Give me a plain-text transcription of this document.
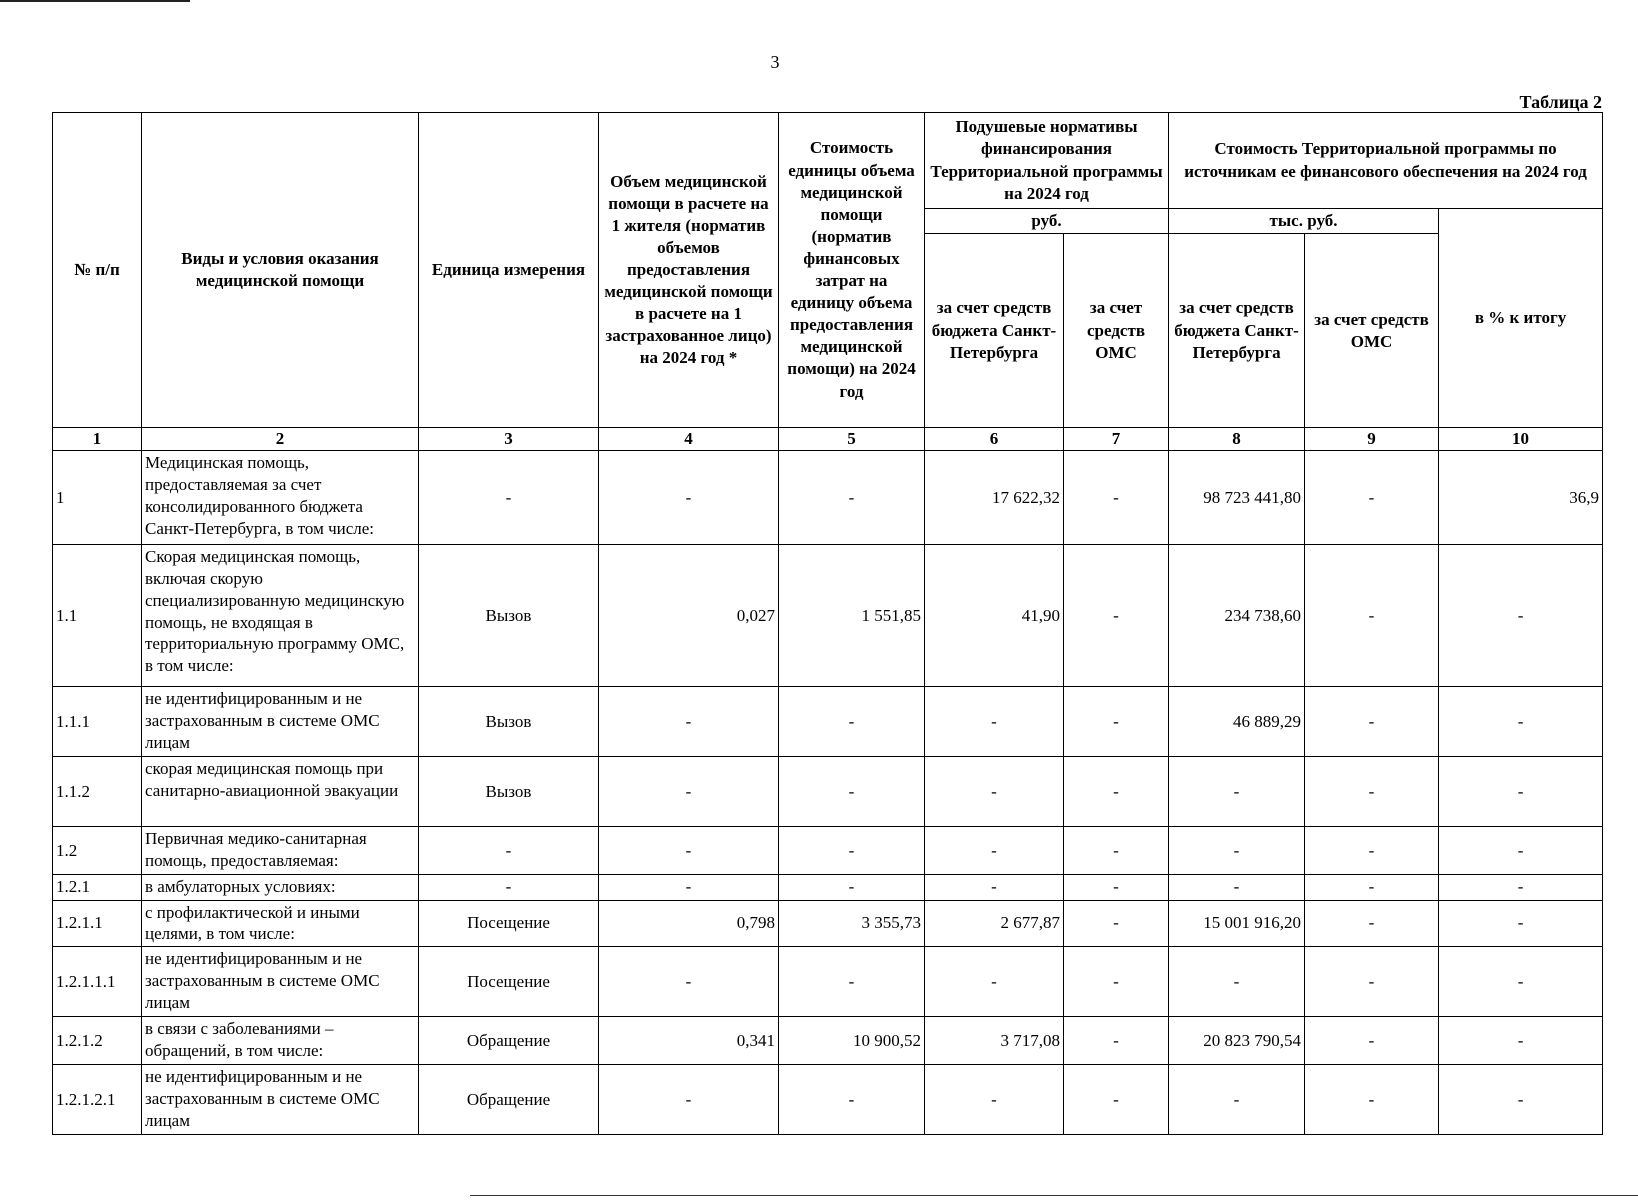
3
Таблица 2
№ п/п	Виды и условия оказания медицинской помощи	Единица измерения	Объем медицинской помощи в расчете на 1 жителя (норматив объемов предоставления медицинской помощи в расчете на 1 застрахованное лицо) на 2024 год *	Стоимость единицы объема медицинской помощи (норматив финансовых затрат на единицу объема предоставления медицинской помощи) на 2024 год	Подушевые нормативы финансирования Территориальной программы на 2024 год		Стоимость Территориальной программы по источникам ее финансового обеспечения на 2024 год		
					руб.		тыс. руб.		в % к итогу
					за счет средств бюджета Санкт-Петербурга	за счет средств ОМС	за счет средств бюджета Санкт-Петербурга	за счет средств ОМС	
1	2	3	4	5	6	7	8	9	10
1	Медицинская помощь, предоставляемая за счет консолидированного бюджета Санкт-Петербурга, в том числе:	-	-	-	17 622,32	-	98 723 441,80	-	36,9
1.1	Скорая медицинская помощь, включая скорую специализированную медицинскую помощь, не входящая в территориальную программу ОМС, в том числе:	Вызов	0,027	1 551,85	41,90	-	234 738,60	-	-
1.1.1	не идентифицированным и не застрахованным в системе ОМС лицам	Вызов	-	-	-	-	46 889,29	-	-
1.1.2	скорая медицинская помощь при санитарно-авиационной эвакуации	Вызов	-	-	-	-	-	-	-
1.2	Первичная медико-санитарная помощь, предоставляемая:	-	-	-	-	-	-	-	-
1.2.1	в амбулаторных условиях:	-	-	-	-	-	-	-	-
1.2.1.1	с профилактической и иными целями, в том числе:	Посещение	0,798	3 355,73	2 677,87	-	15 001 916,20	-	-
1.2.1.1.1	не идентифицированным и не застрахованным в системе ОМС лицам	Посещение	-	-	-	-	-	-	-
1.2.1.2	в связи с заболеваниями – обращений, в том числе:	Обращение	0,341	10 900,52	3 717,08	-	20 823 790,54	-	-
1.2.1.2.1	не идентифицированным и не застрахованным в системе ОМС лицам	Обращение	-	-	-	-	-	-	-
